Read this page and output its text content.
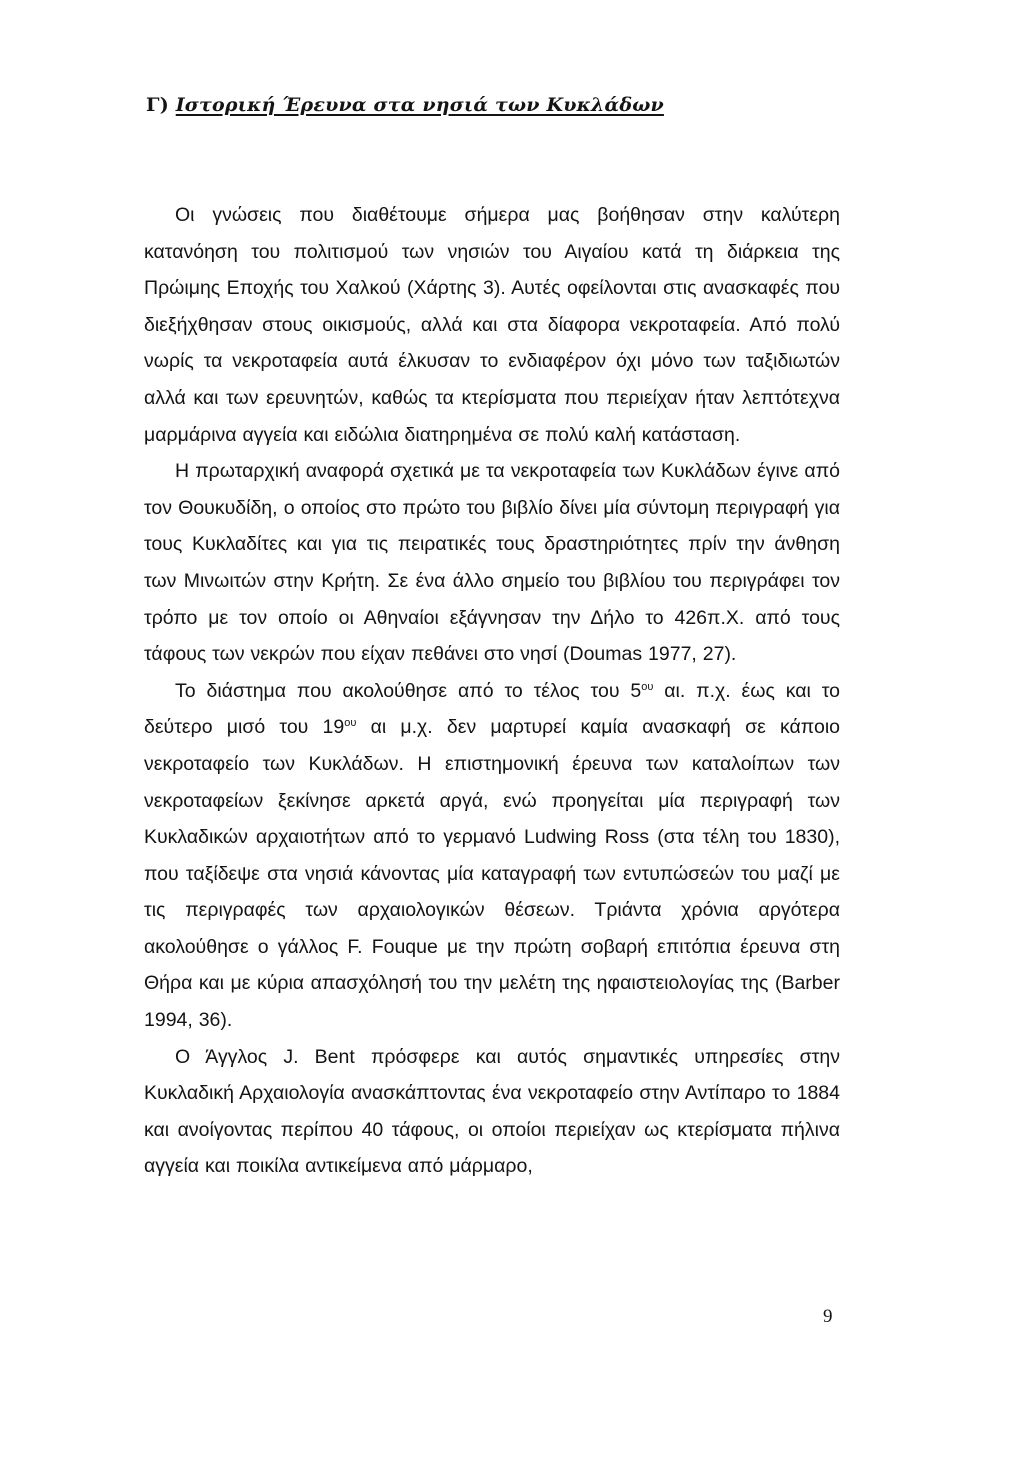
Γ) Ιστορική Έρευνα στα νησιά των Κυκλάδων

Οι γνώσεις που διαθέτουμε σήμερα μας βοήθησαν στην καλύτερη κατανόηση του πολιτισμού των νησιών του Αιγαίου κατά τη διάρκεια της Πρώιμης Εποχής του Χαλκού (Χάρτης 3). Αυτές οφείλονται στις ανασκαφές που διεξήχθησαν στους οικισμούς, αλλά και στα δίαφορα νεκροταφεία. Από πολύ νωρίς τα νεκροταφεία αυτά έλκυσαν το ενδιαφέρον όχι μόνο των ταξιδιωτών αλλά και των ερευνητών, καθώς τα κτερίσματα που περιείχαν ήταν λεπτότεχνα μαρμάρινα αγγεία και ειδώλια διατηρημένα σε πολύ καλή κατάσταση.

Η πρωταρχική αναφορά σχετικά με τα νεκροταφεία των Κυκλάδων έγινε από τον Θουκυδίδη, ο οποίος στο πρώτο του βιβλίο δίνει μία σύντομη περιγραφή για τους Κυκλαδίτες και για τις πειρατικές τους δραστηριότητες πρίν την άνθηση των Μινωιτών στην Κρήτη. Σε ένα άλλο σημείο του βιβλίου του περιγράφει τον τρόπο με τον οποίο οι Αθηναίοι εξάγνησαν την Δήλο το 426π.Χ. από τους τάφους των νεκρών που είχαν πεθάνει στο νησί (Doumas 1977, 27).

Το διάστημα που ακολούθησε από το τέλος του $5^{o\upsilon}$ αι. π.χ. έως και το δεύτερο μισό του $19^{o\upsilon}$ αι μ.χ. δεν μαρτυρεί καμία ανασκαφή σε κάποιο νεκροταφείο των Κυκλάδων. Η επιστημονική έρευνα των καταλοίπων των νεκροταφείων ξεκίνησε αρκετά αργά, ενώ προηγείται μία περιγραφή των Κυκλαδικών αρχαιοτήτων από το γερμανό Ludwing Ross (στα τέλη του 1830), που ταξίδεψε στα νησιά κάνοντας μία καταγραφή των εντυπώσεών του μαζί με τις περιγραφές των αρχαιολογικών θέσεων. Τριάντα χρόνια αργότερα ακολούθησε ο γάλλος F. Fouque με την πρώτη σοβαρή επιτόπια έρευνα στη Θήρα και με κύρια απασχόλησή του την μελέτη της ηφαιστειολογίας της (Barber 1994, 36).

Ο Άγγλος J. Bent πρόσφερε και αυτός σημαντικές υπηρεσίες στην Κυκλαδική Αρχαιολογία ανασκάπτοντας ένα νεκροταφείο στην Αντίπαρο το 1884 και ανοίγοντας περίπου 40 τάφους, οι οποίοι περιείχαν ως κτερίσματα πήλινα αγγεία και ποικίλα αντικείμενα από μάρμαρο,

9
